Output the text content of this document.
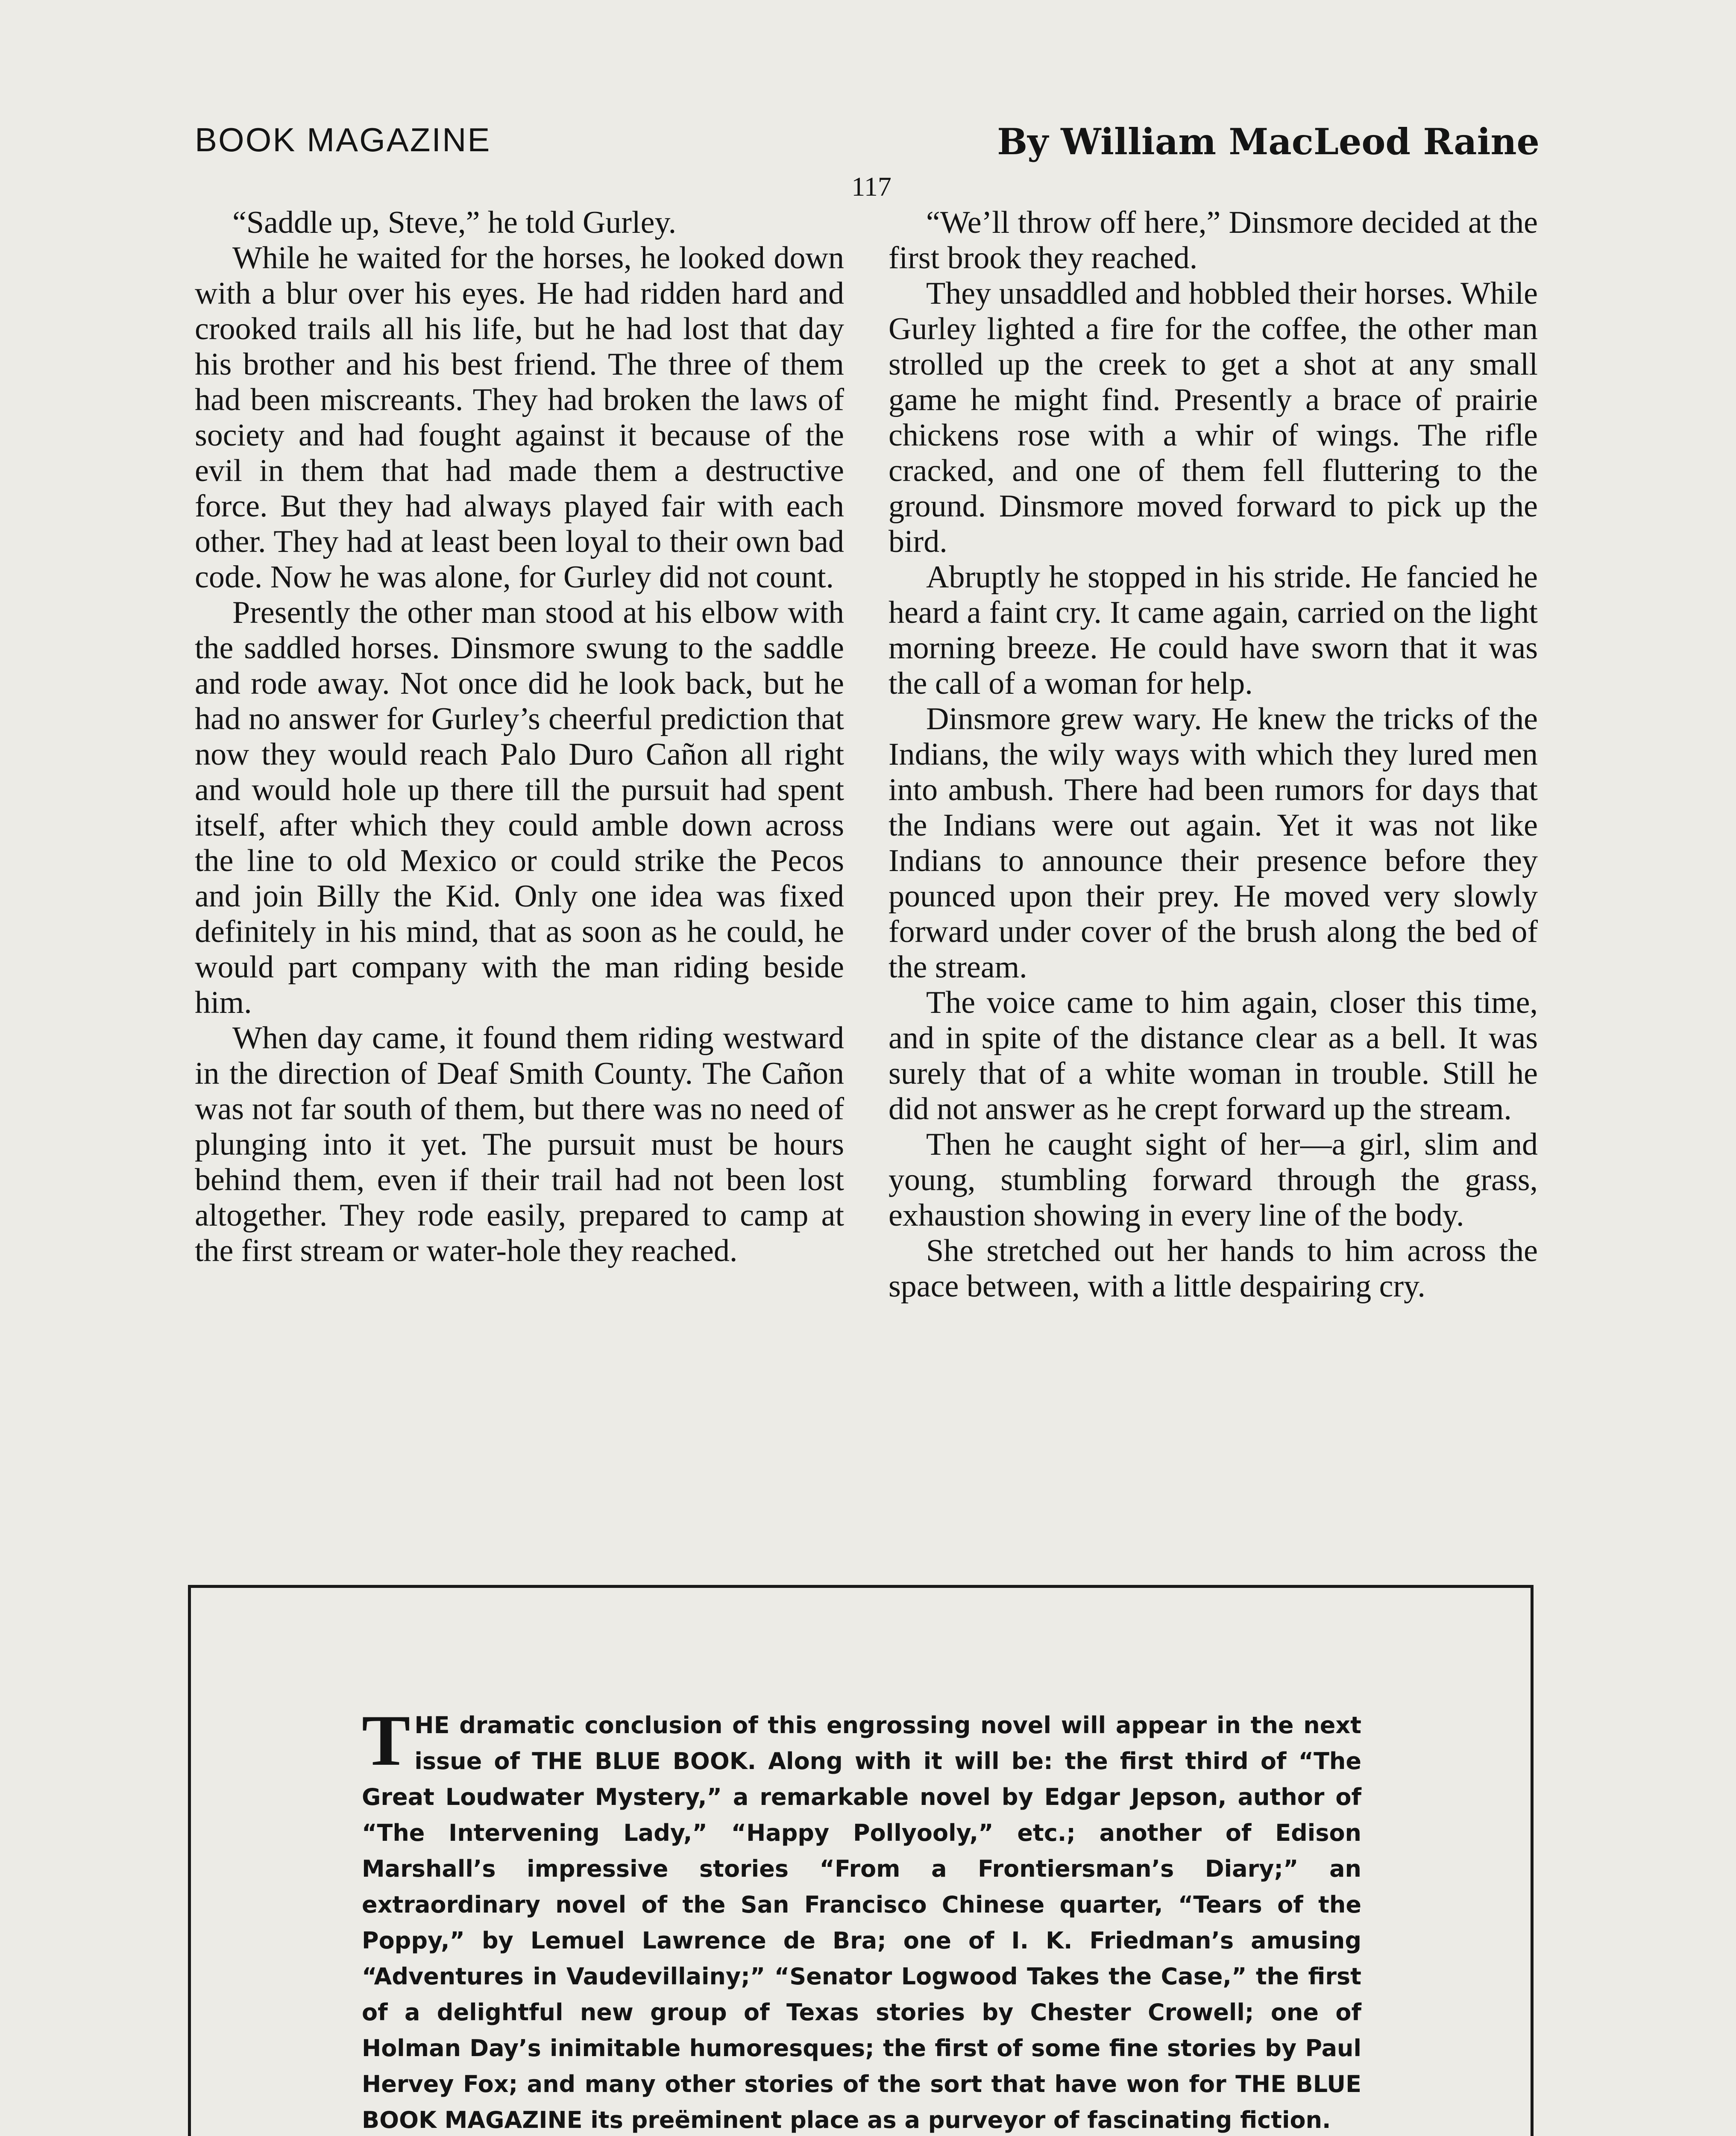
BOOK MAGAZINE	By William MacLeod Raine
117

“Saddle up, Steve,” he told Gurley.

While he waited for the horses, he looked down with a blur over his eyes. He had ridden hard and crooked trails all his life, but he had lost that day his brother and his best friend. The three of them had been miscreants. They had broken the laws of society and had fought against it because of the evil in them that had made them a destructive force. But they had always played fair with each other. They had at least been loyal to their own bad code. Now he was alone, for Gurley did not count.

Presently the other man stood at his elbow with the saddled horses. Dinsmore swung to the saddle and rode away. Not once did he look back, but he had no answer for Gurley’s cheerful prediction that now they would reach Palo Duro Cañon all right and would hole up there till the pursuit had spent itself, after which they could amble down across the line to old Mexico or could strike the Pecos and join Billy the Kid. Only one idea was fixed definitely in his mind, that as soon as he could, he would part company with the man riding beside him.

When day came, it found them riding westward in the direction of Deaf Smith County. The Cañon was not far south of them, but there was no need of plunging into it yet. The pursuit must be hours behind them, even if their trail had not been lost altogether. They rode easily, prepared to camp at the first stream or water-hole they reached.

“We’ll throw off here,” Dinsmore decided at the first brook they reached.

They unsaddled and hobbled their horses. While Gurley lighted a fire for the coffee, the other man strolled up the creek to get a shot at any small game he might find. Presently a brace of prairie chickens rose with a whir of wings. The rifle cracked, and one of them fell fluttering to the ground. Dinsmore moved forward to pick up the bird.

Abruptly he stopped in his stride. He fancied he heard a faint cry. It came again, carried on the light morning breeze. He could have sworn that it was the call of a woman for help.

Dinsmore grew wary. He knew the tricks of the Indians, the wily ways with which they lured men into ambush. There had been rumors for days that the Indians were out again. Yet it was not like Indians to announce their presence before they pounced upon their prey. He moved very slowly forward under cover of the brush along the bed of the stream.

The voice came to him again, closer this time, and in spite of the distance clear as a bell. It was surely that of a white woman in trouble. Still he did not answer as he crept forward up the stream.

Then he caught sight of her—a girl, slim and young, stumbling forward through the grass, exhaustion showing in every line of the body.

She stretched out her hands to him across the space between, with a little despairing cry.

THE dramatic conclusion of this engrossing novel will appear in the next issue of THE BLUE BOOK. Along with it will be: the first third of “The Great Loudwater Mystery,” a remarkable novel by Edgar Jepson, author of “The Intervening Lady,” “Happy Pollyooly,” etc.; another of Edison Marshall’s impressive stories “From a Frontiersman’s Diary;” an extraordinary novel of the San Francisco Chinese quarter, “Tears of the Poppy,” by Lemuel Lawrence de Bra; one of I. K. Friedman’s amusing “Adventures in Vaudevillainy;” “Senator Logwood Takes the Case,” the first of a delightful new group of Texas stories by Chester Crowell; one of Holman Day’s inimitable humoresques; the first of some fine stories by Paul Hervey Fox; and many other stories of the sort that have won for THE BLUE BOOK MAGAZINE its preëminent place as a purveyor of fascinating fiction.
